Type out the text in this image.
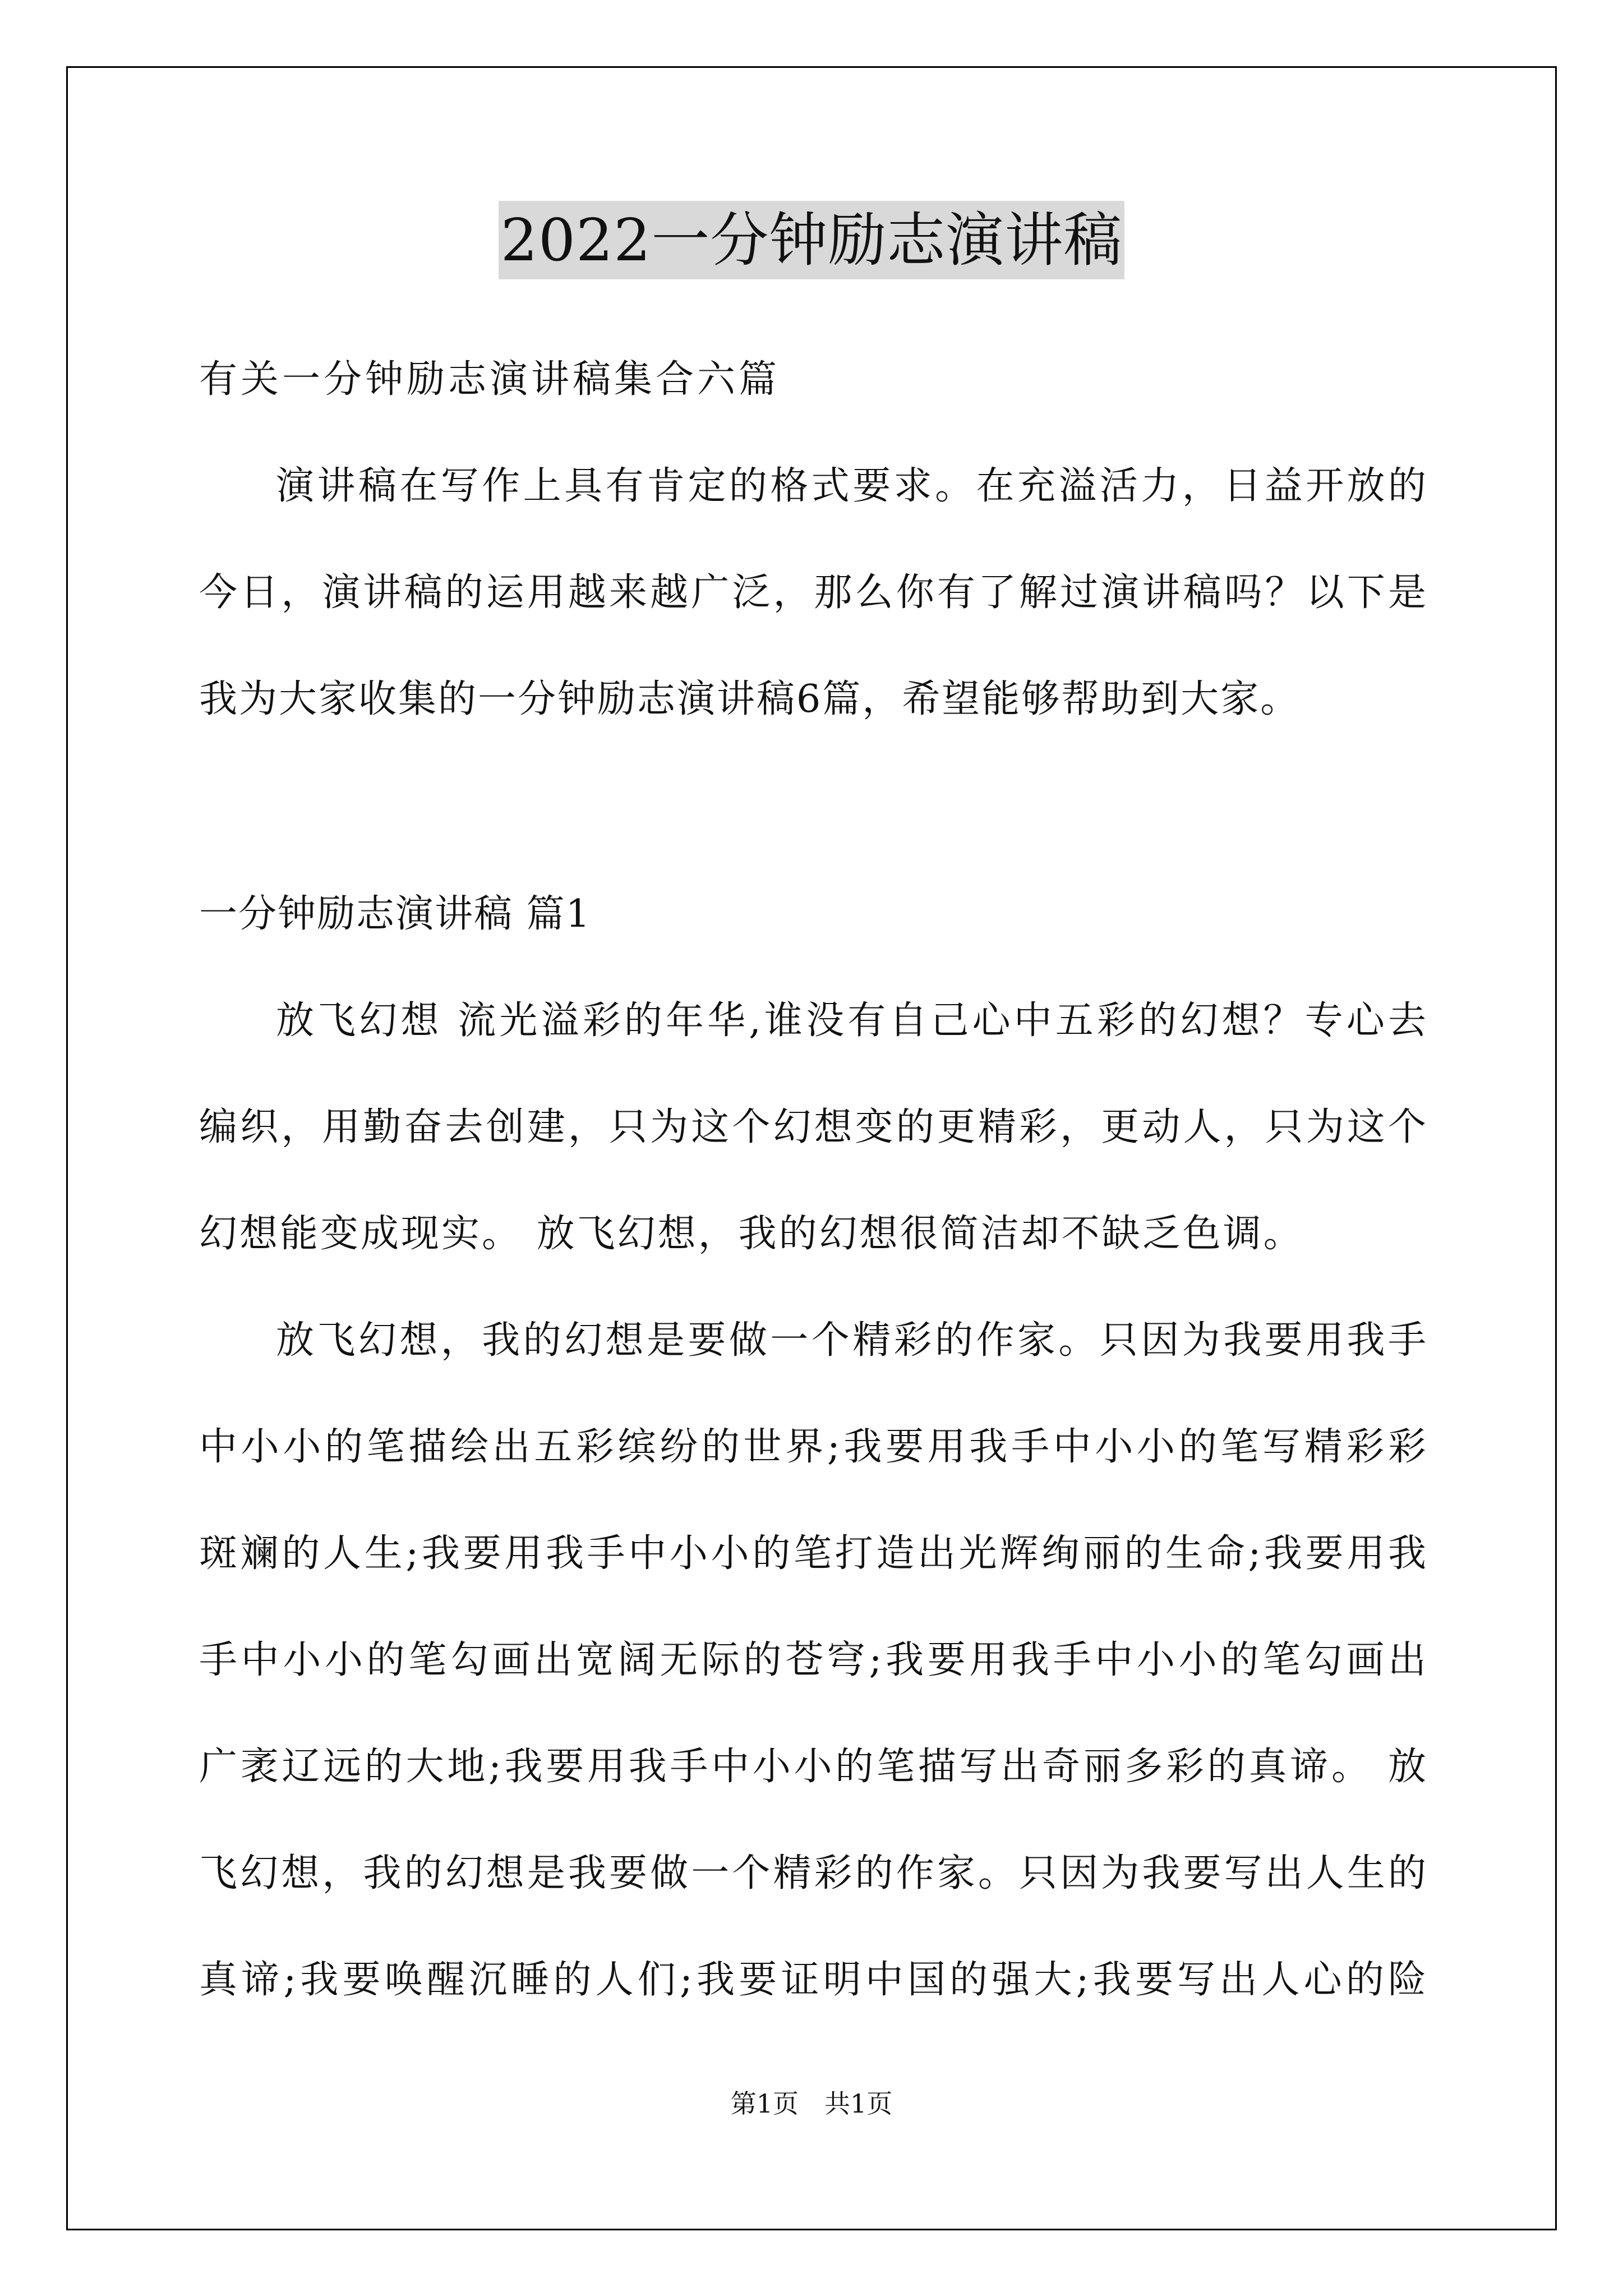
2022一分钟励志演讲稿
有关一分钟励志演讲稿集合六篇
演讲稿在写作上具有肯定的格式要求。在充溢活力，日益开放的
今日，演讲稿的运用越来越广泛，那么你有了解过演讲稿吗？以下是
我为大家收集的一分钟励志演讲稿6篇，希望能够帮助到大家。
一分钟励志演讲稿 篇1
放飞幻想 流光溢彩的年华,谁没有自己心中五彩的幻想？专心去
编织，用勤奋去创建，只为这个幻想变的更精彩，更动人，只为这个
幻想能变成现实。 放飞幻想，我的幻想很简洁却不缺乏色调。
放飞幻想，我的幻想是要做一个精彩的作家。只因为我要用我手
中小小的笔描绘出五彩缤纷的世界;我要用我手中小小的笔写精彩彩
斑斓的人生;我要用我手中小小的笔打造出光辉绚丽的生命;我要用我
手中小小的笔勾画出宽阔无际的苍穹;我要用我手中小小的笔勾画出
广袤辽远的大地;我要用我手中小小的笔描写出奇丽多彩的真谛。 放
飞幻想，我的幻想是我要做一个精彩的作家。只因为我要写出人生的
真谛;我要唤醒沉睡的人们;我要证明中国的强大;我要写出人心的险
第1页　共1页
